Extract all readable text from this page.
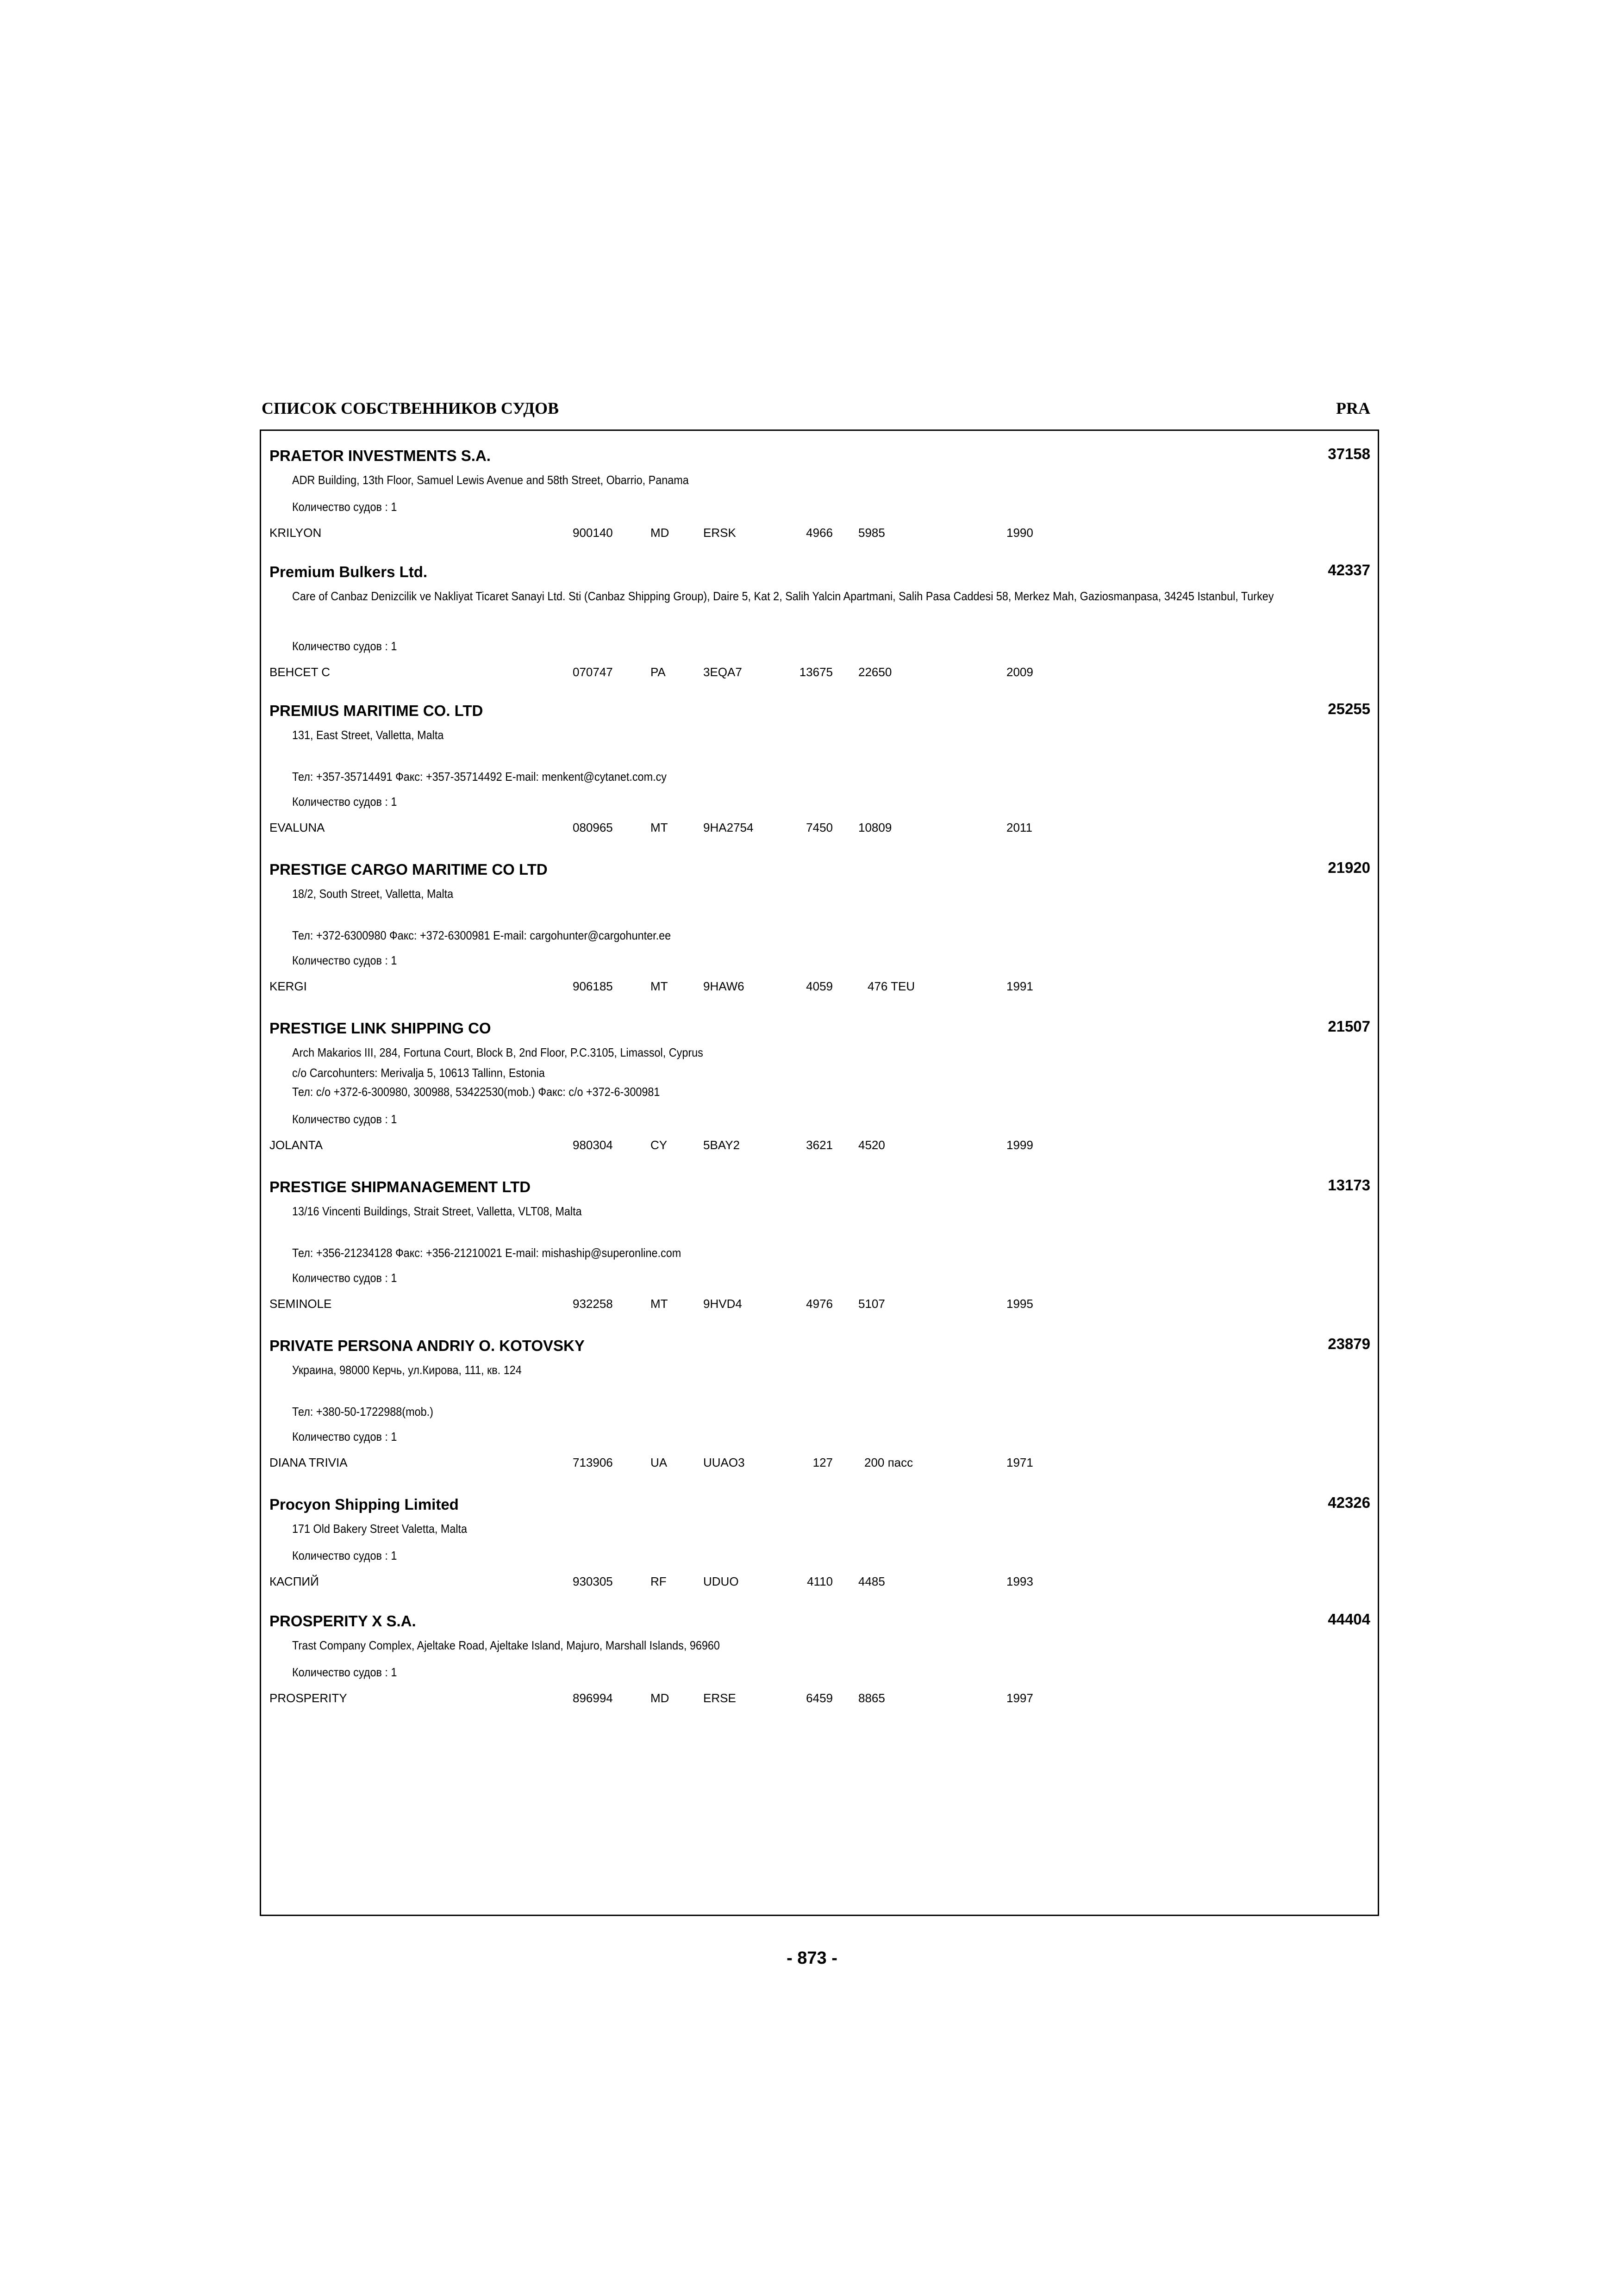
СПИСОК СОБСТВЕННИКОВ СУДОВ	PRA
PRAETOR INVESTMENTS S.A.	37158
ADR Building, 13th Floor, Samuel Lewis Avenue and 58th Street, Obarrio, Panama
Количество судов : 1
KRILYON	900140	MD	ERSK	4966 5985	1990
Premium Bulkers Ltd.	42337
Care of Canbaz Denizcilik ve Nakliyat Ticaret Sanayi Ltd. Sti (Canbaz Shipping Group), Daire 5, Kat 2, Salih Yalcin Apartmani, Salih Pasa Caddesi 58, Merkez Mah, Gaziosmanpasa, 34245 Istanbul, Turkey
Количество судов : 1
BEHCET C	070747	PA	3EQA7	13675 22650	2009
PREMIUS MARITIME CO. LTD	25255
131, East Street, Valletta, Malta
Тел: +357-35714491 Факс: +357-35714492 E-mail: menkent@cytanet.com.cy
Количество судов : 1
EVALUNA	080965	MT	9HA2754	7450 10809	2011
PRESTIGE CARGO MARITIME CO LTD	21920
18/2, South Street, Valletta, Malta
Тел: +372-6300980 Факс: +372-6300981 E-mail: cargohunter@cargohunter.ee
Количество судов : 1
KERGI	906185	MT	9HAW6	4059	476 TEU	1991
PRESTIGE LINK SHIPPING CO	21507
Arch Makarios III, 284, Fortuna Court, Block B, 2nd Floor, P.C.3105, Limassol, Cyprus
c/o Carcohunters: Merivalja 5, 10613 Tallinn, Estonia
Тел: c/o +372-6-300980, 300988, 53422530(mob.) Факс: c/o +372-6-300981
Количество судов : 1
JOLANTA	980304	CY	5BAY2	3621 4520	1999
PRESTIGE SHIPMANAGEMENT LTD	13173
13/16 Vincenti Buildings, Strait Street, Valletta, VLT08, Malta
Тел: +356-21234128 Факс: +356-21210021 E-mail: mishaship@superonline.com
Количество судов : 1
SEMINOLE	932258	MT	9HVD4	4976 5107	1995
PRIVATE PERSONA ANDRIY O. KOTOVSKY	23879
Украина, 98000 Керчь, ул.Кирова, 111, кв. 124
Тел: +380-50-1722988(mob.)
Количество судов : 1
DIANA TRIVIA	713906	UA	UUAO3	127	200 пасс	1971
Procyon Shipping Limited	42326
171 Old Bakery Street Valetta, Malta
Количество судов : 1
КАСПИЙ	930305	RF	UDUO	4110 4485	1993
PROSPERITY X S.A.	44404
Trast Company Complex, Ajeltake Road, Ajeltake Island, Majuro, Marshall Islands, 96960
Количество судов : 1
PROSPERITY	896994	MD	ERSE	6459 8865	1997
- 873 -
